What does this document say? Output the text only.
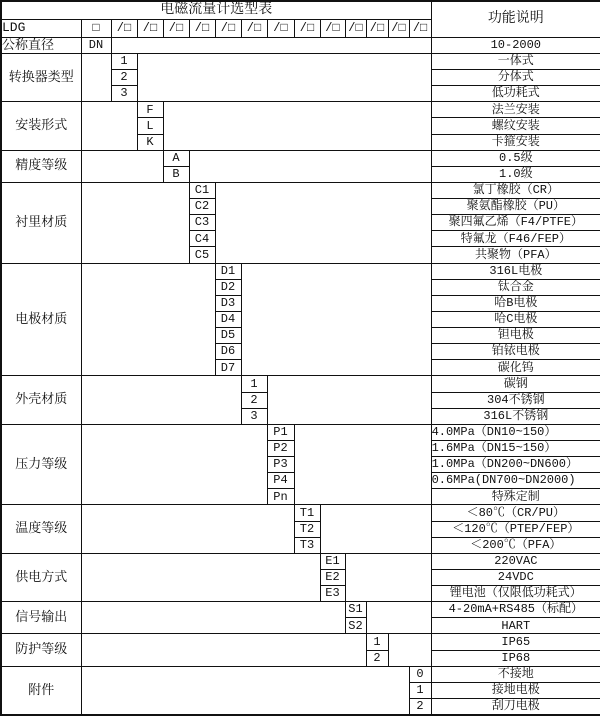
电磁流量计选型表															功能说明
LDG	□	/□	/□	/□	/□	/□	/□	/□	/□	/□	/□	/□	/□	/□	
公称直径	DN														10-2000
转换器类型		1													一体式
		2													分体式
		3													低功耗式
安装形式			F												法兰安装
			L												螺纹安装
			K												卡箍安装
精度等级				A											0.5级
				B											1.0级
衬里材质					C1										氯丁橡胶（CR）
					C2										聚氨酯橡胶（PU）
					C3										聚四氟乙烯（F4/PTFE）
					C4										特氟龙（F46/FEP）
					C5										共聚物（PFA）
电极材质						D1									316L电极
						D2									钛合金
						D3									哈B电极
						D4									哈C电极
						D5									钽电极
						D6									铂铱电极
						D7									碳化钨
外壳材质							1								碳钢
							2								304不锈钢
							3								316L不锈钢
压力等级								P1							4.0MPa（DN10~150）
								P2							1.6MPa（DN15~150）
								P3							1.0MPa（DN200~DN600）
								P4							0.6MPa(DN700~DN2000)
								Pn							特殊定制
温度等级									T1						＜80℃（CR/PU）
									T2						＜120℃（PTEP/FEP）
									T3						＜200℃（PFA）
供电方式										E1					220VAC
										E2					24VDC
										E3					锂电池（仅限低功耗式）
信号输出											S1				4-20mA+RS485（标配）
											S2				HART
防护等级												1			IP65
												2			IP68
附件														0	不接地
														1	接地电极
														2	刮刀电极
